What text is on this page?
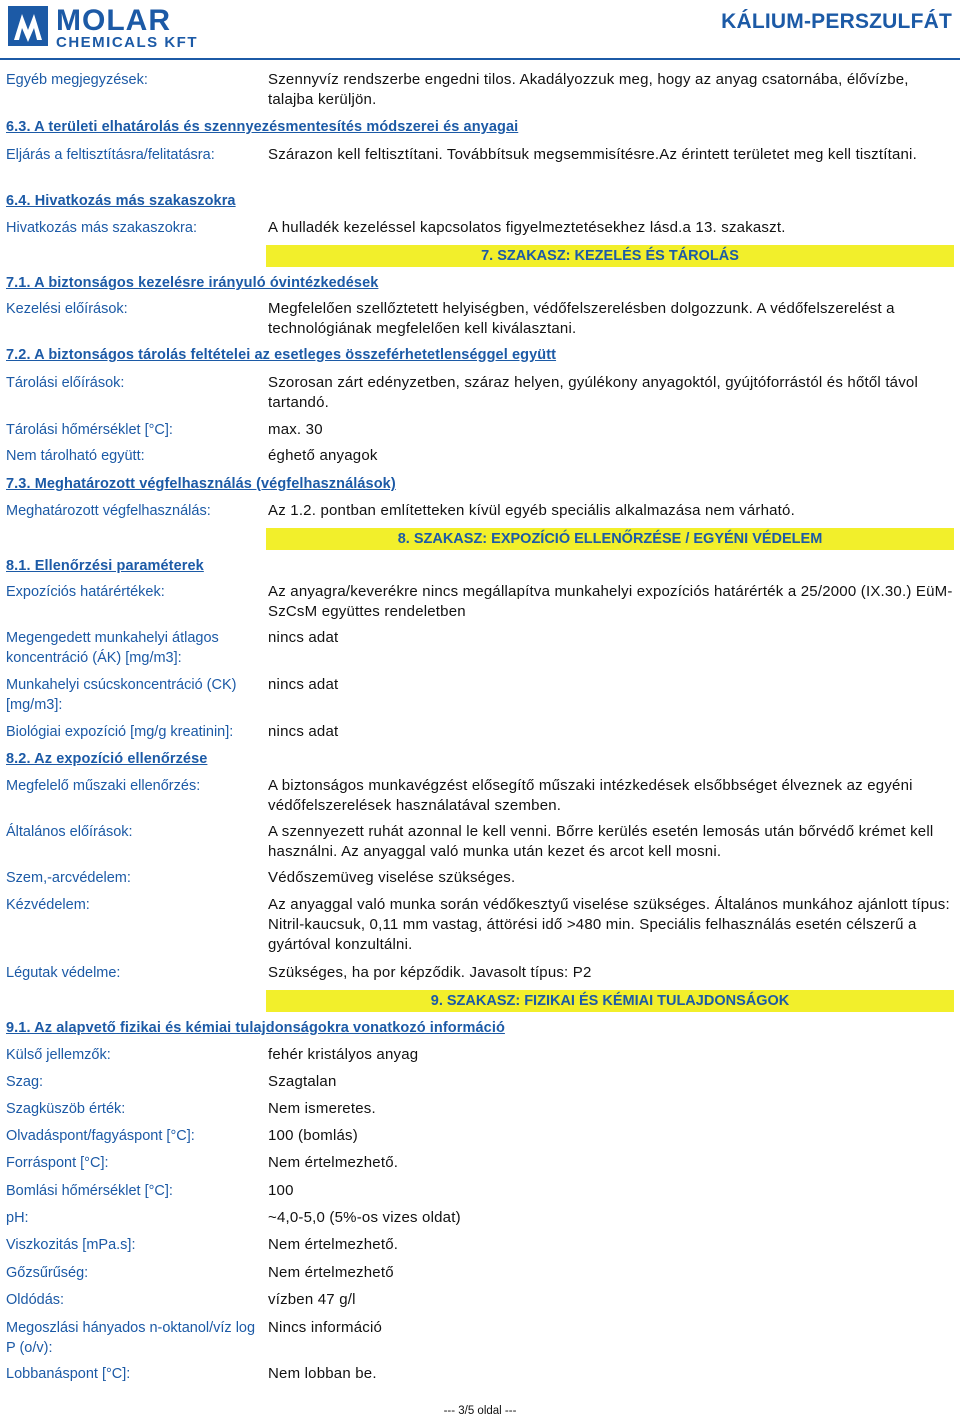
MOLAR
CHEMICALS KFT
KÁLIUM-PERSZULFÁT
Egyéb megjegyzések:	Szennyvíz rendszerbe engedni tilos. Akadályozzuk meg, hogy az anyag csatornába, élővízbe, talajba kerüljön.
6.3. A területi elhatárolás és szennyezésmentesítés módszerei és anyagai
Eljárás a feltisztításra/felitatásra:	Szárazon kell feltisztítani. Továbbítsuk megsemmisítésre.Az érintett területet meg kell tisztítani.
6.4. Hivatkozás más szakaszokra
Hivatkozás más szakaszokra:	A hulladék kezeléssel kapcsolatos figyelmeztetésekhez lásd.a 13. szakaszt.
7. SZAKASZ: KEZELÉS ÉS TÁROLÁS
7.1. A biztonságos kezelésre irányuló óvintézkedések
Kezelési előírások:	Megfelelően szellőztetett helyiségben, védőfelszerelésben dolgozzunk. A védőfelszerelést a technológiának megfelelően kell kiválasztani.
7.2. A biztonságos tárolás feltételei az esetleges összeférhetetlenséggel együtt
Tárolási előírások:	Szorosan zárt edényzetben, száraz helyen, gyúlékony anyagoktól, gyújtóforrástól és hőtől távol tartandó.
Tárolási hőmérséklet [°C]:	max. 30
Nem tárolható együtt:	éghető anyagok
7.3. Meghatározott végfelhasználás (végfelhasználások)
Meghatározott végfelhasználás:	Az 1.2. pontban említetteken kívül egyéb speciális alkalmazása nem várható.
8. SZAKASZ: EXPOZÍCIÓ ELLENŐRZÉSE / EGYÉNI VÉDELEM
8.1. Ellenőrzési paraméterek
Expozíciós határértékek:	Az anyagra/keverékre nincs megállapítva munkahelyi expozíciós határérték a 25/2000 (IX.30.) EüM-SzCsM együttes rendeletben
Megengedett munkahelyi átlagos koncentráció (ÁK) [mg/m3]:
nincs adat
Munkahelyi csúcskoncentráció (CK) [mg/m3]:
nincs adat
Biológiai expozíció [mg/g kreatinin]: nincs adat
8.2. Az expozíció ellenőrzése
Megfelelő műszaki ellenőrzés:	A biztonságos munkavégzést elősegítő műszaki intézkedések elsőbbséget élveznek az egyéni védőfelszerelések használatával szemben.
Általános előírások:	A szennyezett ruhát azonnal le kell venni. Bőrre kerülés esetén lemosás után bőrvédő krémet kell használni. Az anyaggal való munka után kezet és arcot kell mosni.
Szem,-arcvédelem:	Védőszemüveg viselése szükséges.
Kézvédelem:	Az anyaggal való munka során védőkesztyű viselése szükséges. Általános munkához ajánlott típus: Nitril-kaucsuk, 0,11 mm vastag, áttörési idő >480 min. Speciális felhasználás esetén célszerű a gyártóval konzultálni.
Légutak védelme:	Szükséges, ha por képződik. Javasolt típus: P2
9. SZAKASZ: FIZIKAI ÉS KÉMIAI TULAJDONSÁGOK
9.1. Az alapvető fizikai és kémiai tulajdonságokra vonatkozó információ
Külső jellemzők:	fehér kristályos anyag
Szag:	Szagtalan
Szagküszöb érték:	Nem ismeretes.
Olvadáspont/fagyáspont [°C]:	100 (bomlás)
Forráspont [°C]:	Nem értelmezhető.
Bomlási hőmérséklet [°C]:	100
pH:	~4,0-5,0 (5%-os vizes oldat)
Viszkozitás [mPa.s]:	Nem értelmezhető.
Gőzsűrűség:	Nem értelmezhető
Oldódás:	vízben 47 g/l
Megoszlási hányados n-oktanol/víz log P (o/v):
Nincs információ
Lobbanáspont [°C]:	Nem lobban be.
--- 3/5 oldal ---
